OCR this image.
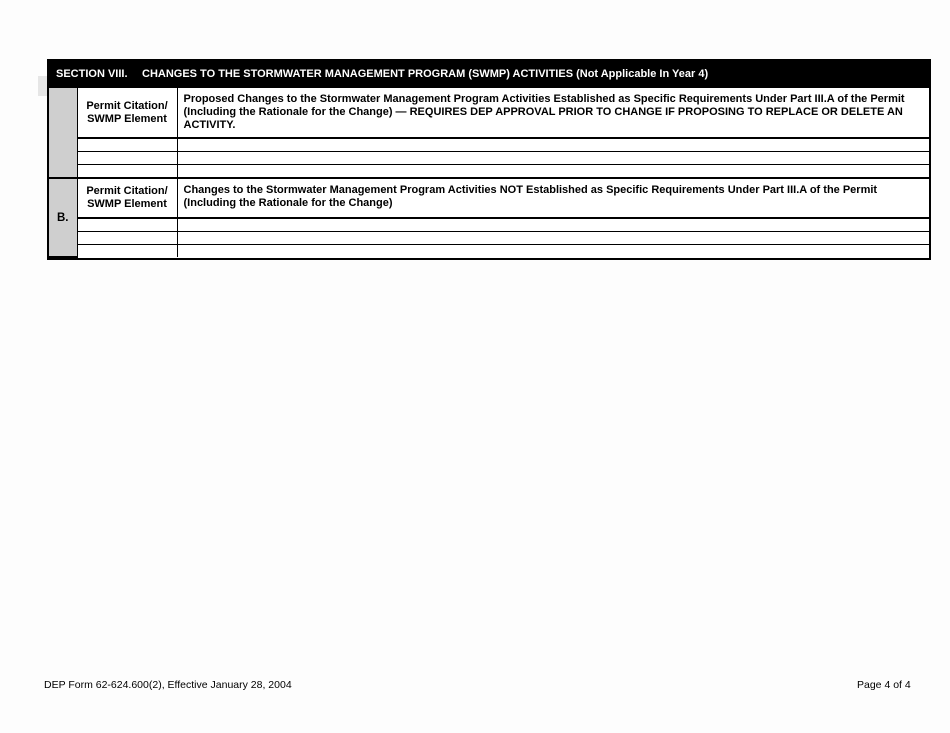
SECTION VIII. CHANGES TO THE STORMWATER MANAGEMENT PROGRAM (SWMP) ACTIVITIES (Not Applicable In Year 4)
	Permit Citation/ SWMP Element	Proposed Changes to the Stormwater Management Program Activities Established as Specific Requirements Under Part III.A of the Permit (Including the Rationale for the Change) — REQUIRES DEP APPROVAL PRIOR TO CHANGE IF PROPOSING TO REPLACE OR DELETE AN ACTIVITY.

B.	Permit Citation/ SWMP Element	Changes to the Stormwater Management Program Activities NOT Established as Specific Requirements Under Part III.A of the Permit (Including the Rationale for the Change)

DEP Form 62-624.600(2), Effective January 28, 2004	Page 4 of 4
